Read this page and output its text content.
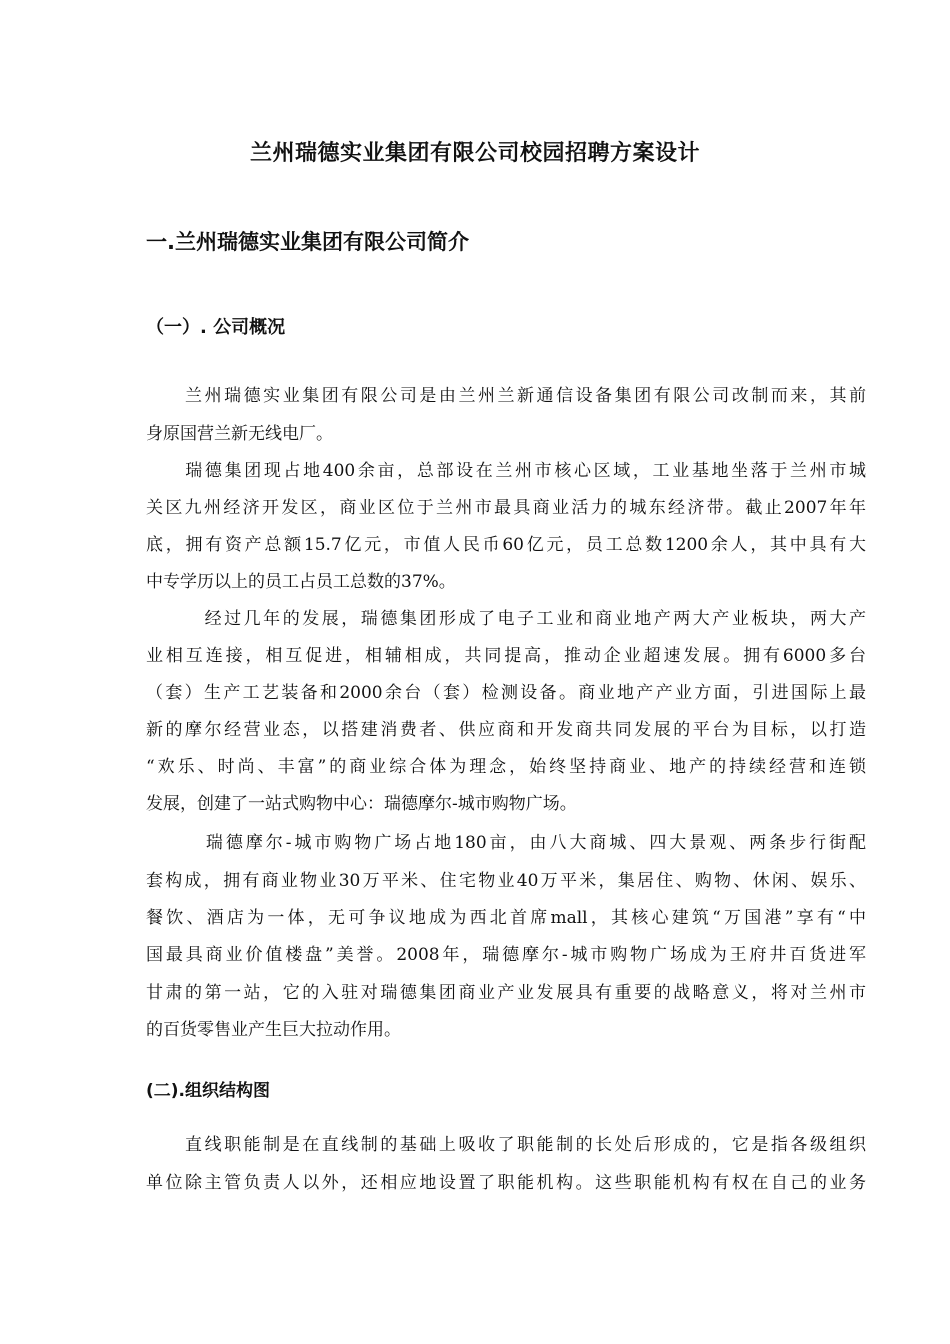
兰州瑞德实业集团有限公司校园招聘方案设计
一.兰州瑞德实业集团有限公司简介
（一）. 公司概况
　　兰州瑞德实业集团有限公司是由兰州兰新通信设备集团有限公司改制而来，其前
身原国营兰新无线电厂。
　　瑞德集团现占地400余亩，总部设在兰州市核心区域，工业基地坐落于兰州市城
关区九州经济开发区，商业区位于兰州市最具商业活力的城东经济带。截止2007年年
底，拥有资产总额15.7亿元，市值人民币60亿元，员工总数1200余人，其中具有大
中专学历以上的员工占员工总数的37%。
　　　经过几年的发展，瑞德集团形成了电子工业和商业地产两大产业板块，两大产
业相互连接，相互促进，相辅相成，共同提高，推动企业超速发展。拥有6000多台
（套）生产工艺装备和2000余台（套）检测设备。商业地产产业方面，引进国际上最
新的摩尔经营业态，以搭建消费者、供应商和开发商共同发展的平台为目标，以打造
“欢乐、时尚、丰富”的商业综合体为理念，始终坚持商业、地产的持续经营和连锁
发展，创建了一站式购物中心：瑞德摩尔-城市购物广场。
　　　瑞德摩尔-城市购物广场占地180亩，由八大商城、四大景观、两条步行街配
套构成，拥有商业物业30万平米、住宅物业40万平米，集居住、购物、休闲、娱乐、
餐饮、酒店为一体，无可争议地成为西北首席mall，其核心建筑“万国港”享有“中
国最具商业价值楼盘”美誉。2008年，瑞德摩尔-城市购物广场成为王府井百货进军
甘肃的第一站，它的入驻对瑞德集团商业产业发展具有重要的战略意义，将对兰州市
的百货零售业产生巨大拉动作用。
(二).组织结构图
　　直线职能制是在直线制的基础上吸收了职能制的长处后形成的，它是指各级组织
单位除主管负责人以外，还相应地设置了职能机构。这些职能机构有权在自己的业务
